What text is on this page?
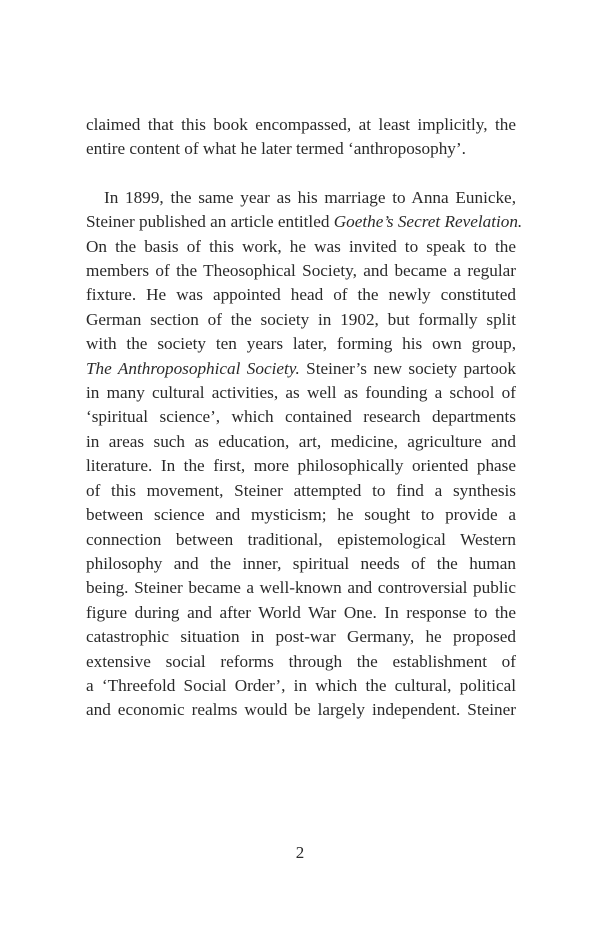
claimed that this book encompassed, at least implicitly, the
entire content of what he later termed ‘anthroposophy’.

In 1899, the same year as his marriage to Anna Eunicke,
Steiner published an article entitled Goethe’s Secret Revelation.
On the basis of this work, he was invited to speak to the
members of the Theosophical Society, and became a regular
fixture. He was appointed head of the newly constituted
German section of the society in 1902, but formally split
with the society ten years later, forming his own group,
The Anthroposophical Society. Steiner’s new society partook
in many cultural activities, as well as founding a school of
‘spiritual science’, which contained research departments
in areas such as education, art, medicine, agriculture and
literature. In the first, more philosophically oriented phase
of this movement, Steiner attempted to find a synthesis
between science and mysticism; he sought to provide a
connection between traditional, epistemological Western
philosophy and the inner, spiritual needs of the human
being. Steiner became a well-known and controversial public
figure during and after World War One. In response to the
catastrophic situation in post-war Germany, he proposed
extensive social reforms through the establishment of
a ‘Threefold Social Order’, in which the cultural, political
and economic realms would be largely independent. Steiner

2
